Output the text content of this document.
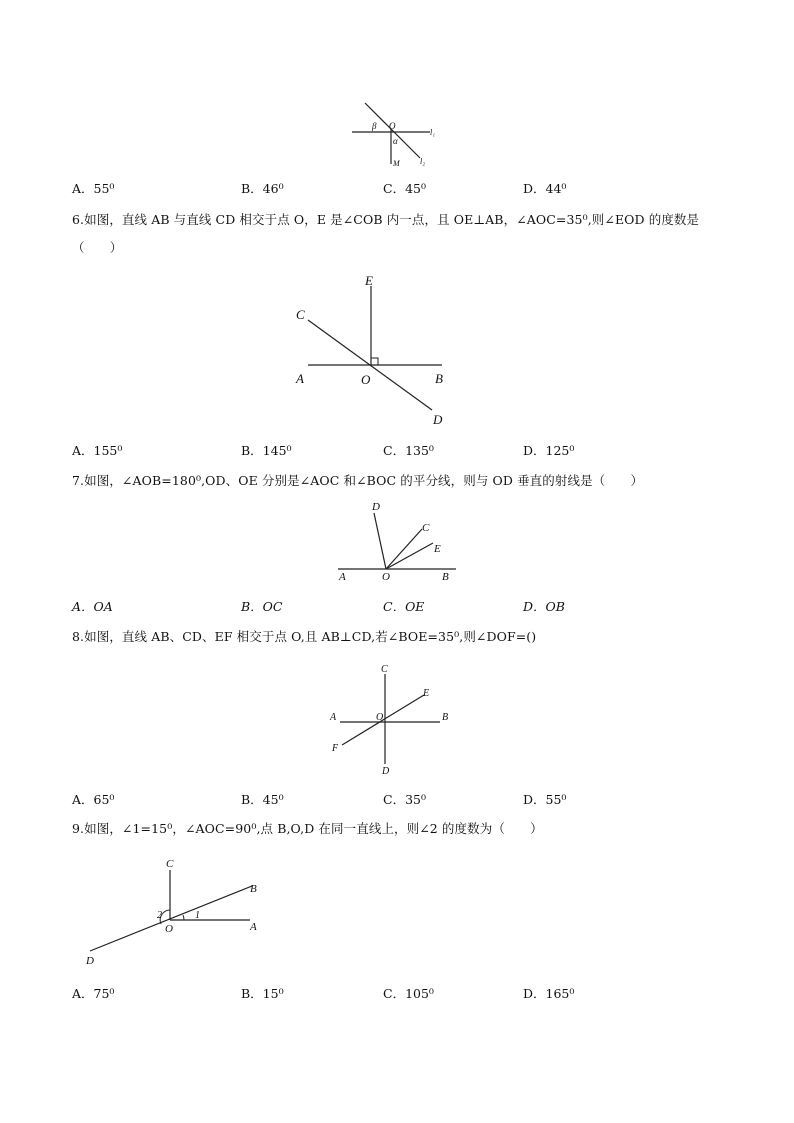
β O
α
l₁
l₂
M
A．55⁰	B．46⁰	C．45⁰	D．44⁰
6.如图，直线 AB 与直线 CD 相交于点 O，E 是∠COB 内一点，且 OE⊥AB，∠AOC=35⁰,则∠EOD 的度数是
（　　）
E
C
A	O	B
D
A．155⁰	B．145⁰	C．135⁰	D．125⁰
7.如图，∠AOB=180⁰,OD、OE 分别是∠AOC 和∠BOC 的平分线，则与 OD 垂直的射线是（　　）
D
C
E
A	O	B
A．OA	B．OC	C．OE	D．OB
8.如图，直线 AB、CD、EF 相交于点 O,且 AB⊥CD,若∠BOE=35⁰,则∠DOF=()
C
E
A	O	B
F
D
A．65⁰	B．45⁰	C．35⁰	D．55⁰
9.如图，∠1=15⁰，∠AOC=90⁰,点 B,O,D 在同一直线上，则∠2 的度数为（　　）
C
B
2	1
O	A
D
A．75⁰	B．15⁰	C．105⁰	D．165⁰
